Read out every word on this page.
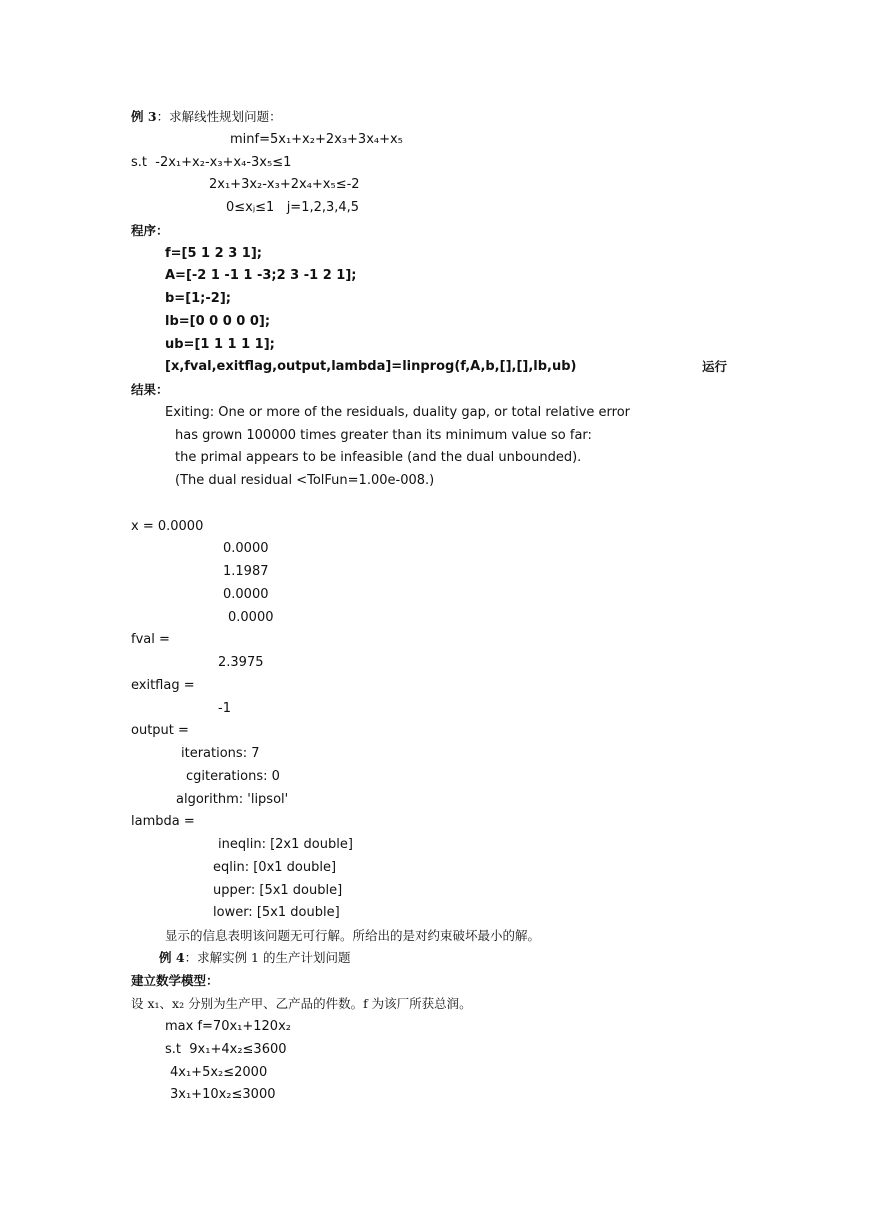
例 3：求解线性规划问题：
minf=5x₁+x₂+2x₃+3x₄+x₅
s.t -2x₁+x₂-x₃+x₄-3x₅≤1
2x₁+3x₂-x₃+2x₄+x₅≤-2
0≤xⱼ≤1   j=1,2,3,4,5
程序：
f=[5 1 2 3 1];
A=[-2 1 -1 1 -3;2 3 -1 2 1];
b=[1;-2];
lb=[0 0 0 0 0];
ub=[1 1 1 1 1];
[x,fval,exitflag,output,lambda]=linprog(f,A,b,[],[],lb,ub)	运行
结果：
Exiting: One or more of the residuals, duality gap, or total relative error
has grown 100000 times greater than its minimum value so far:
the primal appears to be infeasible (and the dual unbounded).
(The dual residual <TolFun=1.00e-008.)
x = 0.0000
0.0000
1.1987
0.0000
0.0000
fval =
2.3975
exitflag =
-1
output =
iterations: 7
cgiterations: 0
algorithm: 'lipsol'
lambda =
ineqlin: [2x1 double]
eqlin: [0x1 double]
upper: [5x1 double]
lower: [5x1 double]
显示的信息表明该问题无可行解。所给出的是对约束破坏最小的解。
例 4：求解实例 1 的生产计划问题
建立数学模型：
设 x₁、x₂ 分别为生产甲、乙产品的件数。f 为该厂所获总润。
max f=70x₁+120x₂
s.t 9x₁+4x₂≤3600
4x₁+5x₂≤2000
3x₁+10x₂≤3000
